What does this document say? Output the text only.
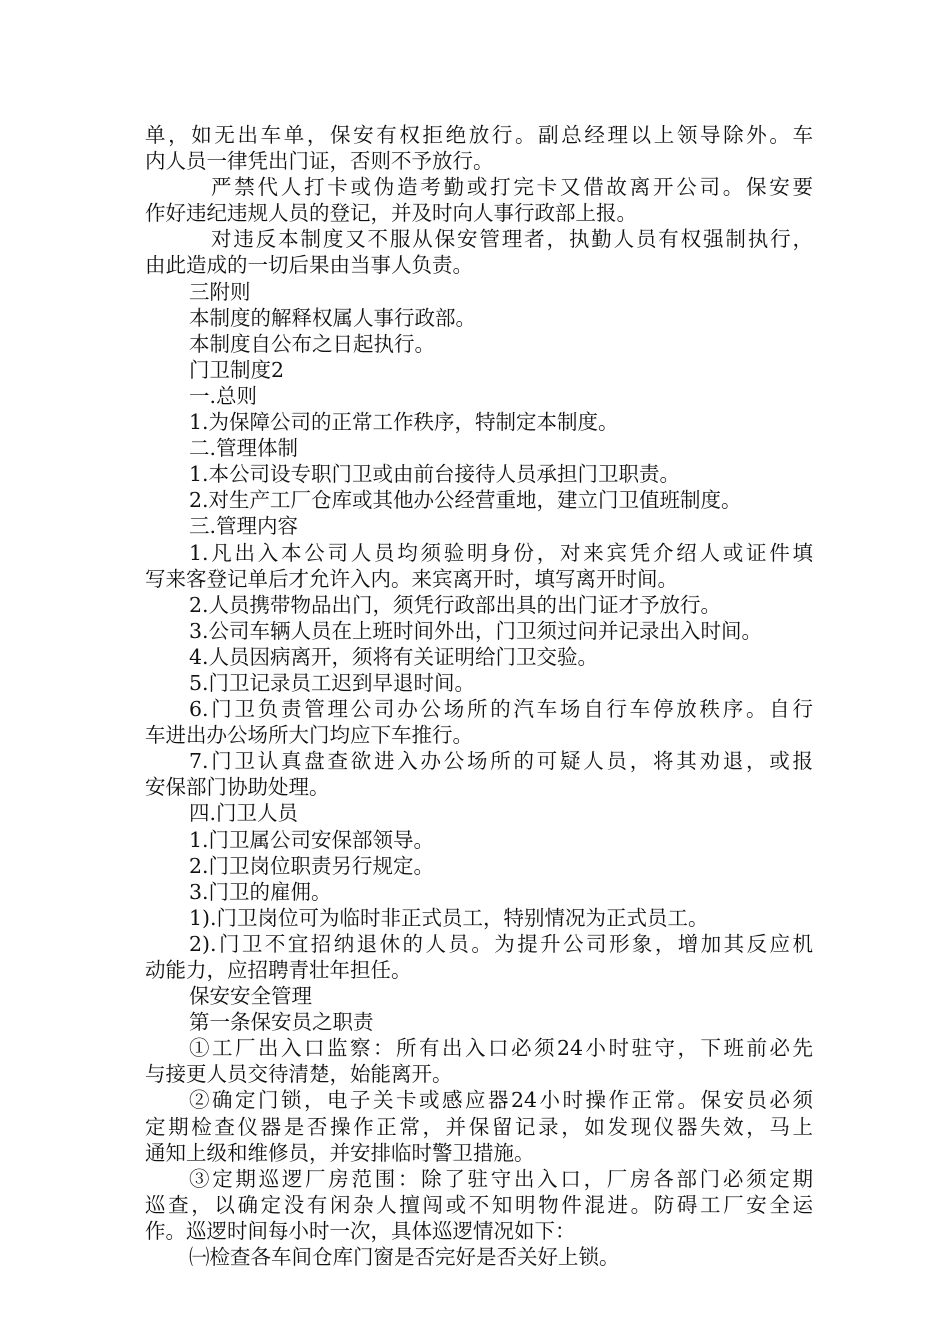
单，如无出车单，保安有权拒绝放行。副总经理以上领导除外。车

内人员一律凭出门证，否则不予放行。

严禁代人打卡或伪造考勤或打完卡又借故离开公司。保安要

作好违纪违规人员的登记，并及时向人事行政部上报。

对违反本制度又不服从保安管理者，执勤人员有权强制执行，

由此造成的一切后果由当事人负责。

三附则

本制度的解释权属人事行政部。

本制度自公布之日起执行。

门卫制度2

一.总则

1.为保障公司的正常工作秩序，特制定本制度。

二.管理体制

1.本公司设专职门卫或由前台接待人员承担门卫职责。

2.对生产工厂仓库或其他办公经营重地，建立门卫值班制度。

三.管理内容

1.凡出入本公司人员均须验明身份，对来宾凭介绍人或证件填

写来客登记单后才允许入内。来宾离开时，填写离开时间。

2.人员携带物品出门，须凭行政部出具的出门证才予放行。

3.公司车辆人员在上班时间外出，门卫须过问并记录出入时间。

4.人员因病离开，须将有关证明给门卫交验。

5.门卫记录员工迟到早退时间。

6.门卫负责管理公司办公场所的汽车场自行车停放秩序。自行

车进出办公场所大门均应下车推行。

7.门卫认真盘查欲进入办公场所的可疑人员，将其劝退，或报

安保部门协助处理。

四.门卫人员

1.门卫属公司安保部领导。

2.门卫岗位职责另行规定。

3.门卫的雇佣。

1).门卫岗位可为临时非正式员工，特别情况为正式员工。

2).门卫不宜招纳退休的人员。为提升公司形象，增加其反应机

动能力，应招聘青壮年担任。

保安安全管理

第一条保安员之职责

①工厂出入口监察：所有出入口必须24小时驻守，下班前必先

与接更人员交待清楚，始能离开。

②确定门锁，电子关卡或感应器24小时操作正常。保安员必须

定期检查仪器是否操作正常，并保留记录，如发现仪器失效，马上

通知上级和维修员，并安排临时警卫措施。

③定期巡逻厂房范围：除了驻守出入口，厂房各部门必须定期

巡查，以确定没有闲杂人擅闯或不知明物件混进。防碍工厂安全运

作。巡逻时间每小时一次，具体巡逻情况如下：

㈠检查各车间仓库门窗是否完好是否关好上锁。
